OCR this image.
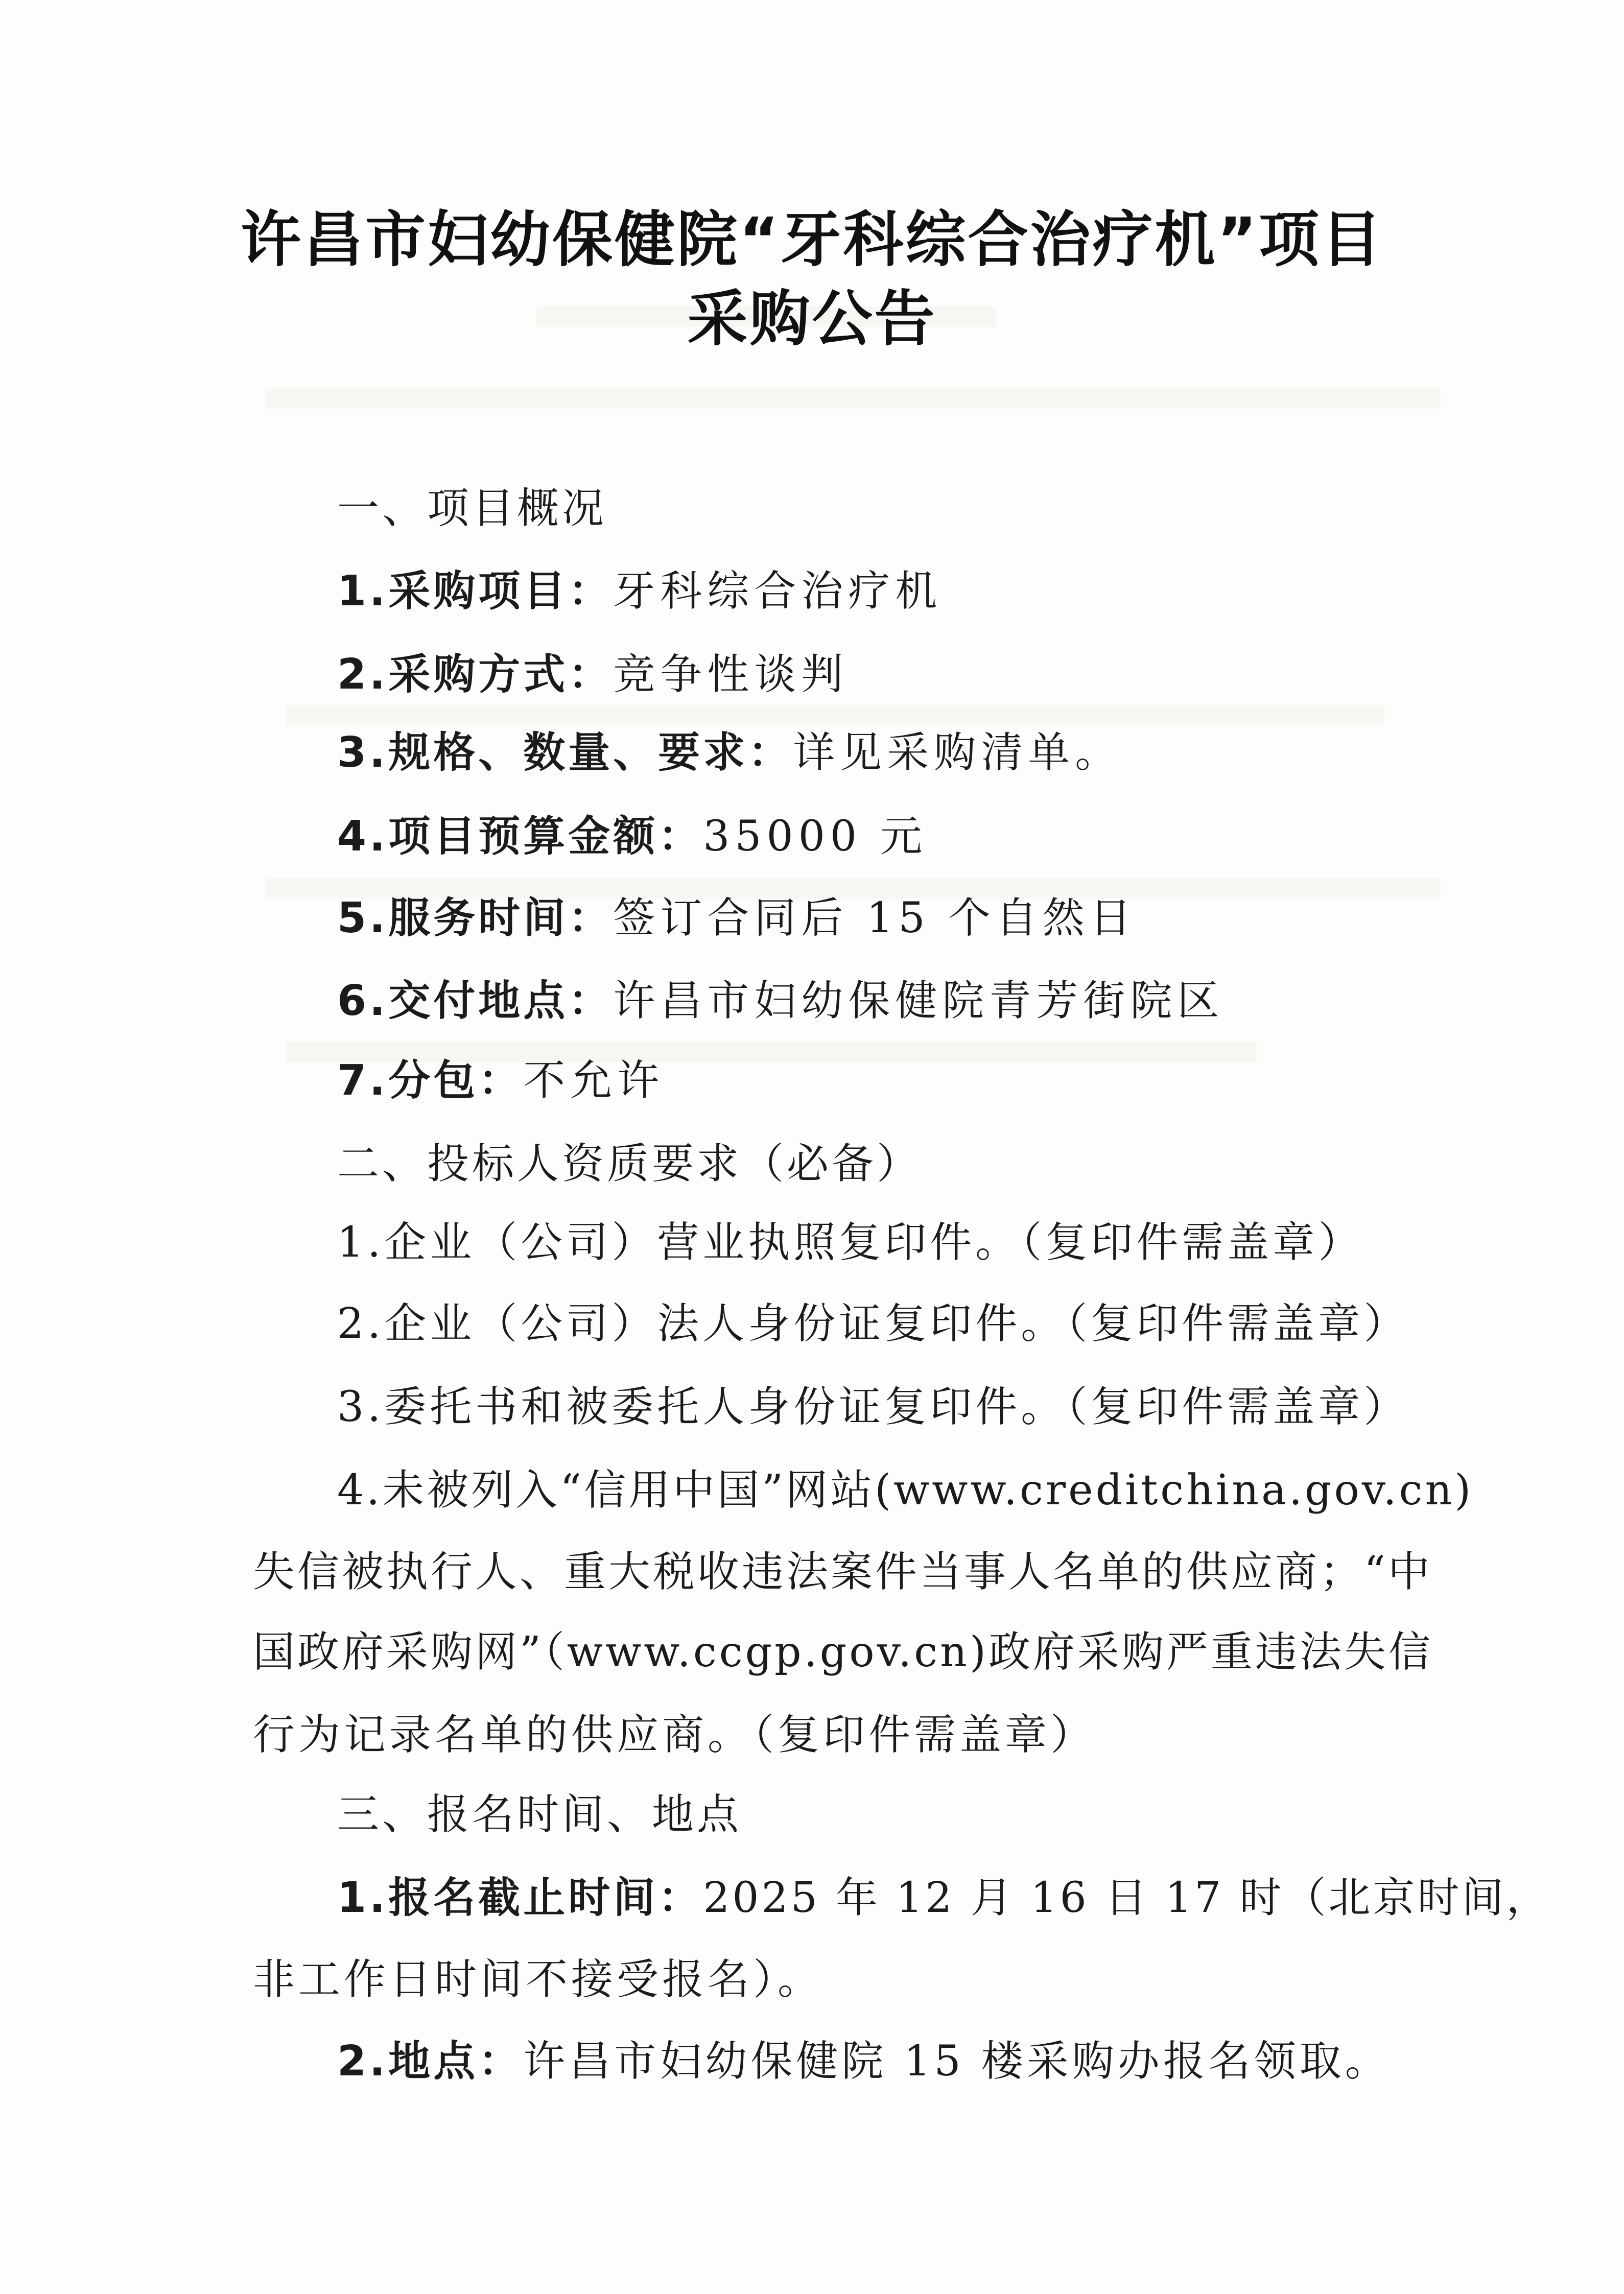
许昌市妇幼保健院“牙科综合治疗机”项目
采购公告
一、项目概况
1.采购项目：牙科综合治疗机
2.采购方式：竞争性谈判
3.规格、数量、要求：详见采购清单。
4.项目预算金额：35000 元
5.服务时间：签订合同后 15 个自然日
6.交付地点：许昌市妇幼保健院青芳街院区
7.分包：不允许
二、投标人资质要求（必备）
1.企业（公司）营业执照复印件。（复印件需盖章）
2.企业（公司）法人身份证复印件。（复印件需盖章）
3.委托书和被委托人身份证复印件。（复印件需盖章）
4.未被列入“信用中国”网站(www.creditchina.gov.cn)
失信被执行人、重大税收违法案件当事人名单的供应商；“中
国政府采购网”（www.ccgp.gov.cn)政府采购严重违法失信
行为记录名单的供应商。（复印件需盖章）
三、报名时间、地点
1.报名截止时间：2025 年 12 月 16 日 17 时（北京时间，
非工作日时间不接受报名）。
2.地点：许昌市妇幼保健院 15 楼采购办报名领取。
